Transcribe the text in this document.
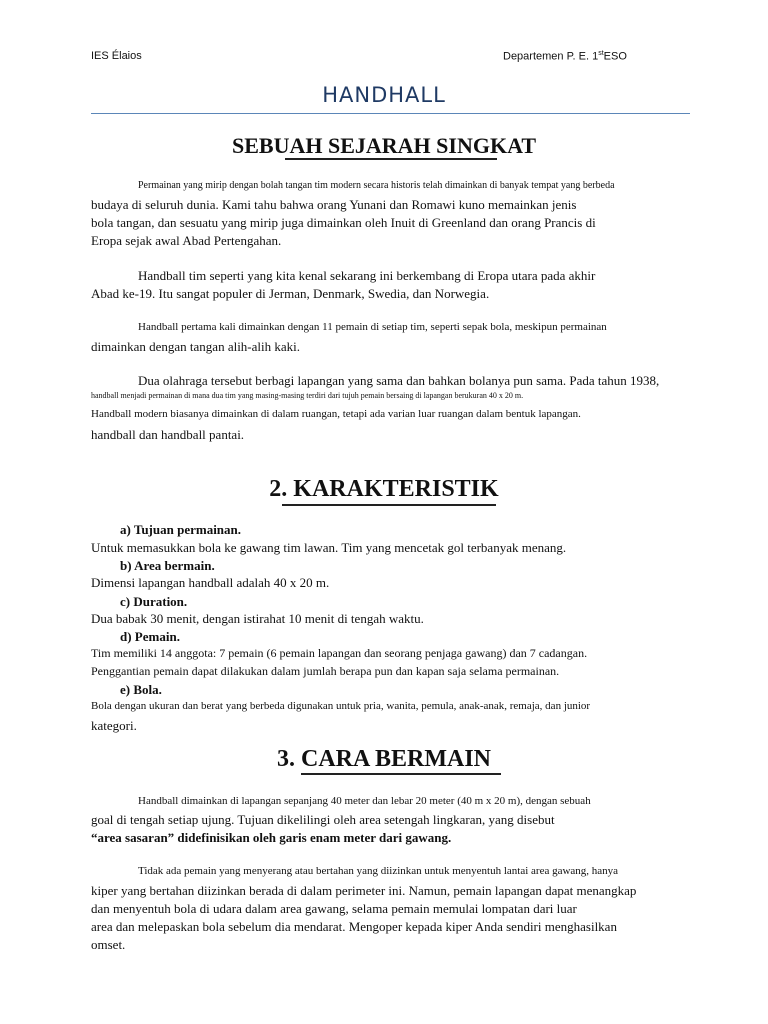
IES Élaios	Departemen P. E. 1stESO
HANDHALL
SEBUAH SEJARAH SINGKAT
Permainan yang mirip dengan bolah tangan tim modern secara historis telah dimainkan di banyak tempat yang berbeda
budaya di seluruh dunia. Kami tahu bahwa orang Yunani dan Romawi kuno memainkan jenis
bola tangan, dan sesuatu yang mirip juga dimainkan oleh Inuit di Greenland dan orang Prancis di
Eropa sejak awal Abad Pertengahan.
Handball tim seperti yang kita kenal sekarang ini berkembang di Eropa utara pada akhir
Abad ke-19. Itu sangat populer di Jerman, Denmark, Swedia, dan Norwegia.
Handball pertama kali dimainkan dengan 11 pemain di setiap tim, seperti sepak bola, meskipun permainan
dimainkan dengan tangan alih-alih kaki.
Dua olahraga tersebut berbagi lapangan yang sama dan bahkan bolanya pun sama. Pada tahun 1938,
handball menjadi permainan di mana dua tim yang masing-masing terdiri dari tujuh pemain bersaing di lapangan berukuran 40 x 20 m.
Handball modern biasanya dimainkan di dalam ruangan, tetapi ada varian luar ruangan dalam bentuk lapangan.
handball dan handball pantai.
2. KARAKTERISTIK
a) Tujuan permainan.
Untuk memasukkan bola ke gawang tim lawan. Tim yang mencetak gol terbanyak menang.
b) Area bermain.
Dimensi lapangan handball adalah 40 x 20 m.
c) Duration.
Dua babak 30 menit, dengan istirahat 10 menit di tengah waktu.
d) Pemain.
Tim memiliki 14 anggota: 7 pemain (6 pemain lapangan dan seorang penjaga gawang) dan 7 cadangan.
Penggantian pemain dapat dilakukan dalam jumlah berapa pun dan kapan saja selama permainan.
e) Bola.
Bola dengan ukuran dan berat yang berbeda digunakan untuk pria, wanita, pemula, anak-anak, remaja, dan junior
kategori.
3. CARA BERMAIN
Handball dimainkan di lapangan sepanjang 40 meter dan lebar 20 meter (40 m x 20 m), dengan sebuah
goal di tengah setiap ujung. Tujuan dikelilingi oleh area setengah lingkaran, yang disebut
“area sasaran” didefinisikan oleh garis enam meter dari gawang.
Tidak ada pemain yang menyerang atau bertahan yang diizinkan untuk menyentuh lantai area gawang, hanya
kiper yang bertahan diizinkan berada di dalam perimeter ini. Namun, pemain lapangan dapat menangkap
dan menyentuh bola di udara dalam area gawang, selama pemain memulai lompatan dari luar
area dan melepaskan bola sebelum dia mendarat. Mengoper kepada kiper Anda sendiri menghasilkan
omset.
